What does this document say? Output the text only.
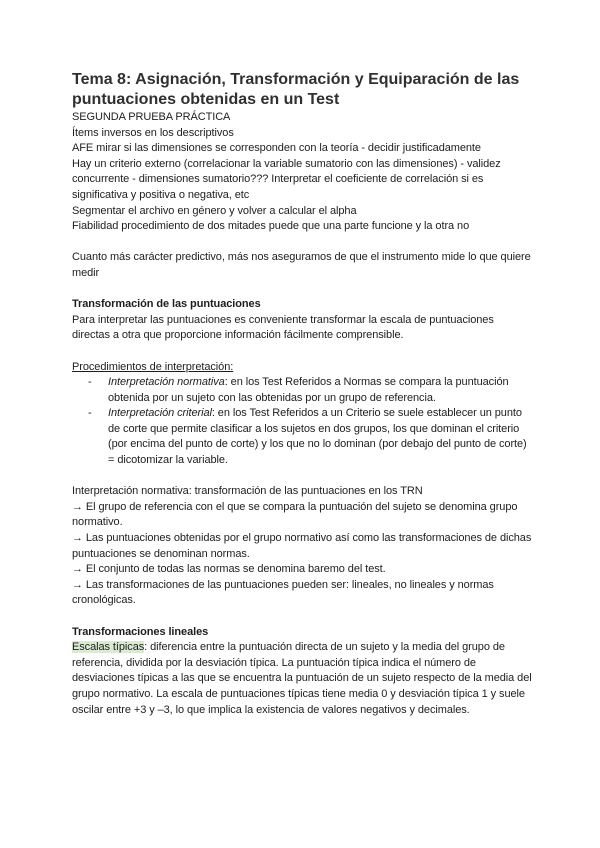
Tema 8: Asignación, Transformación y Equiparación de las puntuaciones obtenidas en un Test

SEGUNDA PRUEBA PRÁCTICA

Ítems inversos en los descriptivos

AFE mirar si las dimensiones se corresponden con la teoría - decidir justificadamente

Hay un criterio externo (correlacionar la variable sumatorio con las dimensiones) - validez concurrente - dimensiones sumatorio??? Interpretar el coeficiente de correlación si es significativa y positiva o negativa, etc

Segmentar el archivo en género y volver a calcular el alpha

Fiabilidad procedimiento de dos mitades puede que una parte funcione y la otra no

Cuanto más carácter predictivo, más nos aseguramos de que el instrumento mide lo que quiere medir

Transformación de las puntuaciones

Para interpretar las puntuaciones es conveniente transformar la escala de puntuaciones directas a otra que proporcione información fácilmente comprensible.

Procedimientos de interpretación:

- Interpretación normativa: en los Test Referidos a Normas se compara la puntuación obtenida por un sujeto con las obtenidas por un grupo de referencia.
- Interpretación criterial: en los Test Referidos a un Criterio se suele establecer un punto de corte que permite clasificar a los sujetos en dos grupos, los que dominan el criterio (por encima del punto de corte) y los que no lo dominan (por debajo del punto de corte) = dicotomizar la variable.

Interpretación normativa: transformación de las puntuaciones en los TRN

→ El grupo de referencia con el que se compara la puntuación del sujeto se denomina grupo normativo.

→ Las puntuaciones obtenidas por el grupo normativo así como las transformaciones de dichas puntuaciones se denominan normas.

→ El conjunto de todas las normas se denomina baremo del test.

→ Las transformaciones de las puntuaciones pueden ser: lineales, no lineales y normas cronológicas.

Transformaciones lineales

Escalas típicas: diferencia entre la puntuación directa de un sujeto y la media del grupo de referencia, dividida por la desviación típica. La puntuación típica indica el número de desviaciones típicas a las que se encuentra la puntuación de un sujeto respecto de la media del grupo normativo. La escala de puntuaciones típicas tiene media 0 y desviación típica 1 y suele oscilar entre +3 y –3, lo que implica la existencia de valores negativos y decimales.
